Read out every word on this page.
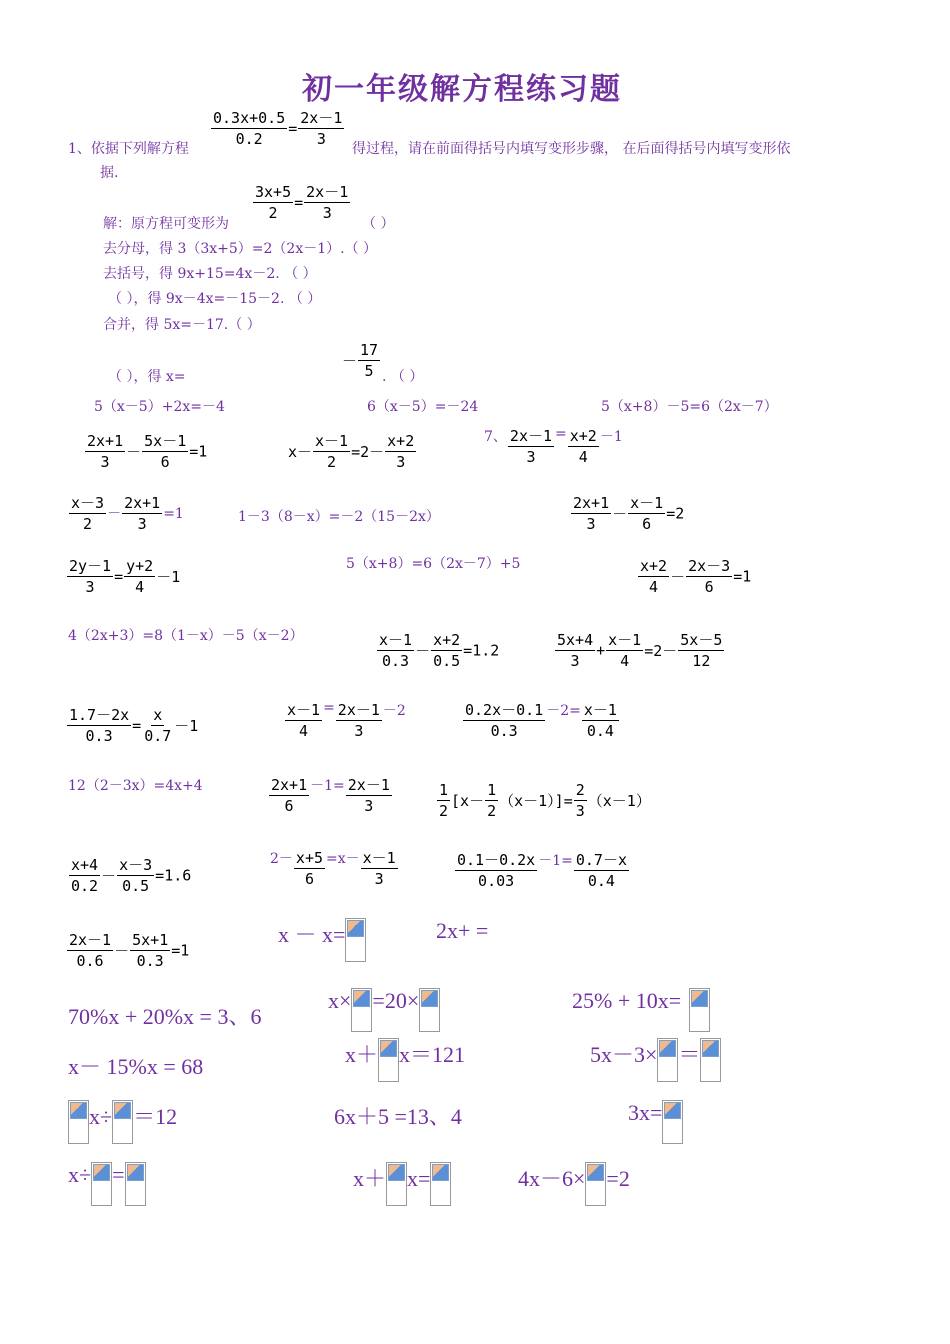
初一年级解方程练习题
1、依据下列解方程 $\frac{0.3x+0.5}{0.2} = \frac{2x-1}{3}$ 得过程，请在前面得括号内填写变形步骤， 在后面得括号内填写变形依
据.
解：原方程可变形为
$\frac{3x+5}{2} = \frac{2x-1}{3}$
（ ）
去分母，得 3（3x+5）=2（2x－1）.（ ）
去括号，得 9x+15=4x－2. （ ）
（ ），得 9x－4x=－15－2. （ ）
合并，得 5x=－17.（ ）
（ ），得 x=
－ $\frac{17}{5}$ . （ ）
5（x－5）+2x=－4	6（x－5）=－24	5（x+8）－5=6（2x－7）
$\frac{2x+1}{3} - \frac{5x-1}{6} =1$	$x- \frac{x-1}{2} =2- \frac{x+2}{3}$	7、 $\frac{2x-1}{3} = \frac{x+2}{4} -1$
$\frac{x-3}{2} - \frac{2x+1}{3} =1$	1－3（8－x）=－2（15－2x）	$\frac{2x+1}{3} - \frac{x-1}{6} =2$
$\frac{2y-1}{3} = \frac{y+2}{4} -1$
5（x+8）=6（2x－7）+5	$\frac{x+2}{4} - \frac{2x-3}{6} =1$
4（2x+3）=8（1－x）－5（x－2）	$\frac{x-1}{0.3} - \frac{x+2}{0.5} =1.2$	$\frac{5x+4}{3} + \frac{x-1}{4} =2- \frac{5x-5}{12}$
$\frac{1.7-2x}{0.3} = \frac{x}{0.7} -1$	$\frac{x-1}{4} = \frac{2x-1}{3} -2$	$\frac{0.2x-0.1}{0.3} -2= \frac{x-1}{0.4}$
12（2－3x）=4x+4	$\frac{2x+1}{6} -1= \frac{2x-1}{3}$	$\frac{1}{2} [x- \frac{1}{2} (x-1)]= \frac{2}{3} (x-1)$
$\frac{x+4}{0.2} - \frac{x-3}{0.5} =1.6$
$2- \frac{x+5}{6} =x- \frac{x-1}{3}$	$\frac{0.1-0.2x}{0.03} -1= \frac{0.7-x}{0.4}$
$\frac{2x-1}{0.6} - \frac{5x+1}{0.3} =1$
x － x=	2x+ =
70%x + 20%x = 3、6
x× =20×	25% + 10x=
x－ 15%x = 68	x＋ x＝121	5x－3× ＝
x÷ ＝12	6x＋5 =13、4	3x=
x÷ =	x＋ x=	4x－6× =2
